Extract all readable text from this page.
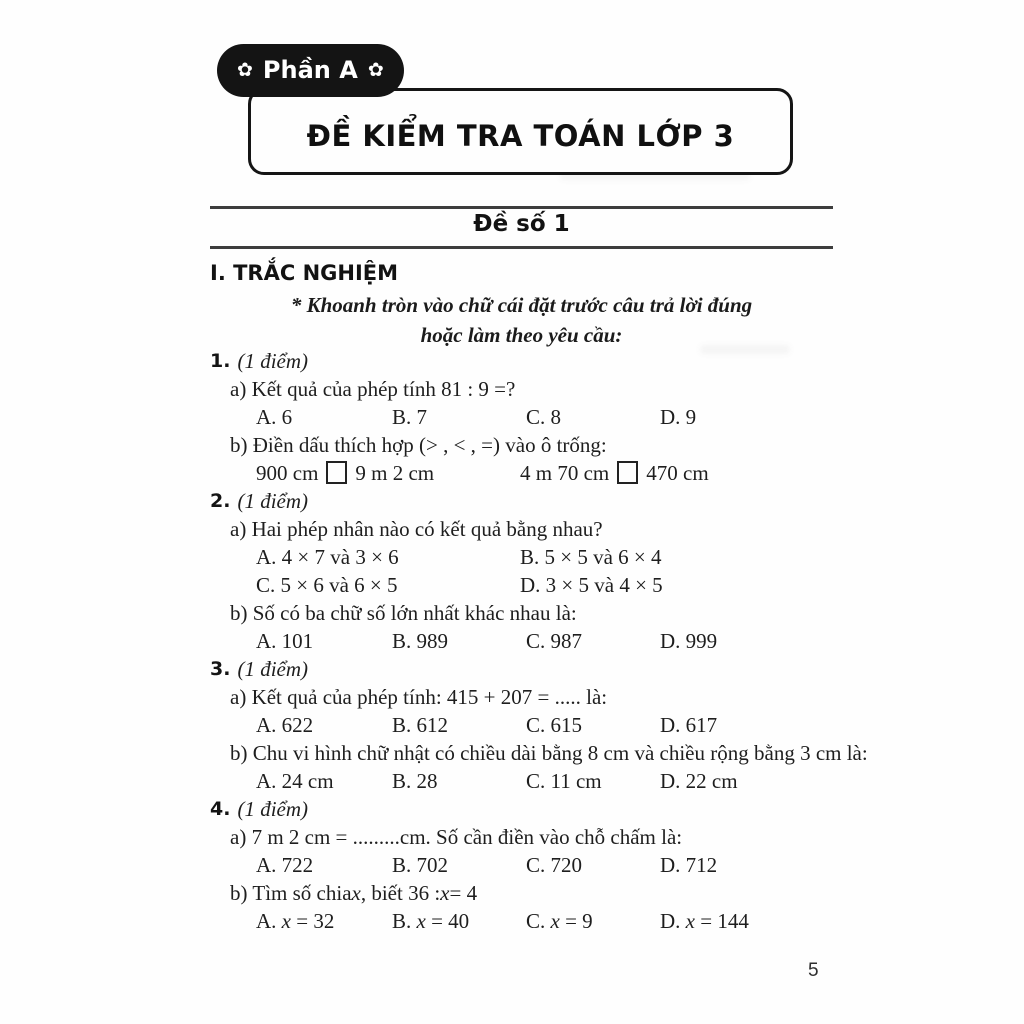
ĐỀ KIỂM TRA TOÁN LỚP 3
✿ Phần A ✿
Đề số 1
I. TRẮC NGHIỆM
* Khoanh tròn vào chữ cái đặt trước câu trả lời đúng
hoặc làm theo yêu cầu:
1. (1 điểm)
a) Kết quả của phép tính 81 : 9 =?
A. 6	B. 7	C. 8	D. 9
b) Điền dấu thích hợp (> , < , =) vào ô trống:
900 cm 9 m 2 cm	4 m 70 cm 470 cm
2. (1 điểm)
a) Hai phép nhân nào có kết quả bằng nhau?
A. 4 × 7 và 3 × 6	B. 5 × 5 và 6 × 4
C. 5 × 6 và 6 × 5	D. 3 × 5 và 4 × 5
b) Số có ba chữ số lớn nhất khác nhau là:
A. 101	B. 989	C. 987	D. 999
3. (1 điểm)
a) Kết quả của phép tính: 415 + 207 = ..... là:
A. 622	B. 612	C. 615	D. 617
b) Chu vi hình chữ nhật có chiều dài bằng 8 cm và chiều rộng bằng 3 cm là:
A. 24 cm	B. 28	C. 11 cm	D. 22 cm
4. (1 điểm)
a) 7 m 2 cm = .........cm. Số cần điền vào chỗ chấm là:
A. 722	B. 702	C. 720	D. 712
b) Tìm số chia x , biết 36 : x = 4
A. x = 32	B. x = 40	C. x = 9	D. x = 144
5
